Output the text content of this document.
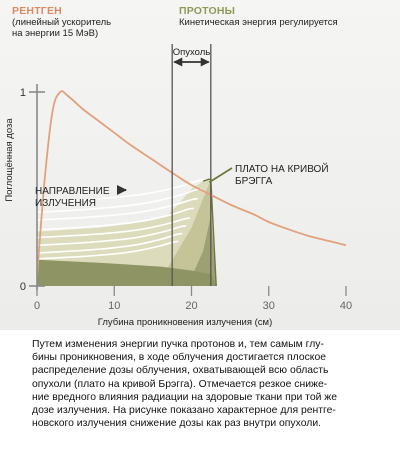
РЕНТГЕН
(линейный ускоритель
на энергии 15 МэВ)
ПРОТОНЫ
Кинетическая энергия регулируется
Опухоль
0
1
0	10	20	30	40
НАПРАВЛЕНИЕ
ИЗЛУЧЕНИЯ
ПЛАТО НА КРИВОЙ
БРЭГГА
Поглощённая доза
Глубина проникновения излучения (см)
Путем изменения энергии пучка протонов и, тем самым глу-
бины проникновения, в ходе облучения достигается плоское
распределение дозы облучения, охватывающей всю область
опухоли (плато на кривой Брэгга). Отмечается резкое сниже-
ние вредного влияния радиации на здоровые ткани при той же
дозе излучения. На рисунке показано характерное для рентге-
новского излучения снижение дозы как раз внутри опухоли.
